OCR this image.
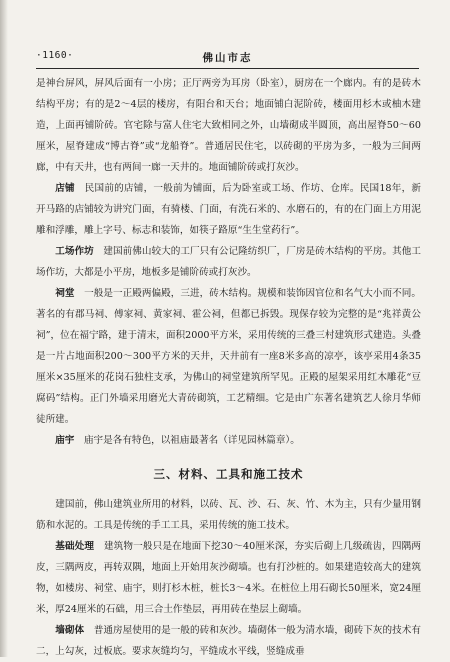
·1160·	佛山市志

是神台屏风，屏风后面有一小房；正厅两旁为耳房（卧室），厨房在一个廊内。有的是砖木结构平房；有的是2～4层的楼房，有阳台和天台；地面铺白泥阶砖，楼面用杉木或柚木建造，上面再铺阶砖。官宅除与富人住宅大致相同之外，山墙砌成半圆顶，高出屋脊50～60厘米，屋脊建成“博古脊”或“龙船脊”。普通居民住宅，以砖砌的平房为多，一般为三间两廊，中有天井，也有两间一廊一天井的。地面铺阶砖或打灰沙。

店铺　 民国前的店铺，一般前为铺面，后为卧室或工场、作坊、仓库。民国18年，新开马路的店铺较为讲究门面，有骑楼、门面，有洗石米的、水磨石的，有的在门面上方用泥雕和浮雕，雕上字号、标志和装饰，如筷子路原“生生堂药行”。

工场作坊　 建国前佛山较大的工厂只有公记隆纺织厂，厂房是砖木结构的平房。其他工场作坊，大都是小平房，地板多是铺阶砖或打灰沙。

祠堂　 一般是一正殿两偏殿，三进，砖木结构。规模和装饰因官位和名气大小而不同。著名的有郡马祠、傅家祠、黄家祠、霍公祠，但都已拆毁。现保存较为完整的是“兆祥黄公祠”，位在福宁路，建于清末，面积2000平方米，采用传统的三叠三村建筑形式建造。头叠是一片占地面积200～300平方米的天井，天井前有一座8米多高的凉亭，该亭采用4条35厘米×35厘米的花岗石独柱支承，为佛山的祠堂建筑所罕见。正殿的屋架采用红木雕花“豆腐码”结构。正门外墙采用磨光大青砖砌筑，工艺精细。它是由广东著名建筑艺人徐月华师徒所建。

庙宇　 庙宇是各有特色，以祖庙最著名（详见园林篇章）。

三、材料、工具和施工技术

建国前，佛山建筑业所用的材料，以砖、瓦、沙、石、灰、竹、木为主，只有少量用钢筋和水泥的。工具是传统的手工工具，采用传统的施工技术。

基础处理　 建筑物一般只是在地面下挖30～40厘米深，夯实后砌上几级疏齿，四隅两皮，三隅两皮，再转双隅，地面上开始用灰沙砌墙。也有打沙桩的。如果建造较高大的建筑物，如楼房、祠堂、庙宇，则打杉木桩，桩长3～4米。在桩位上用石砌长50厘米，宽24厘米，厚24厘米的石础，用三合土作垫层，再用砖在垫层上砌墙。

墙砌体　 普通房屋使用的是一般的砖和灰沙。墙砌体一般为清水墙，砌砖下灰的技术有二，上勾灰，过板底。要求灰缝均匀，平缝成水平线，竖缝成垂
